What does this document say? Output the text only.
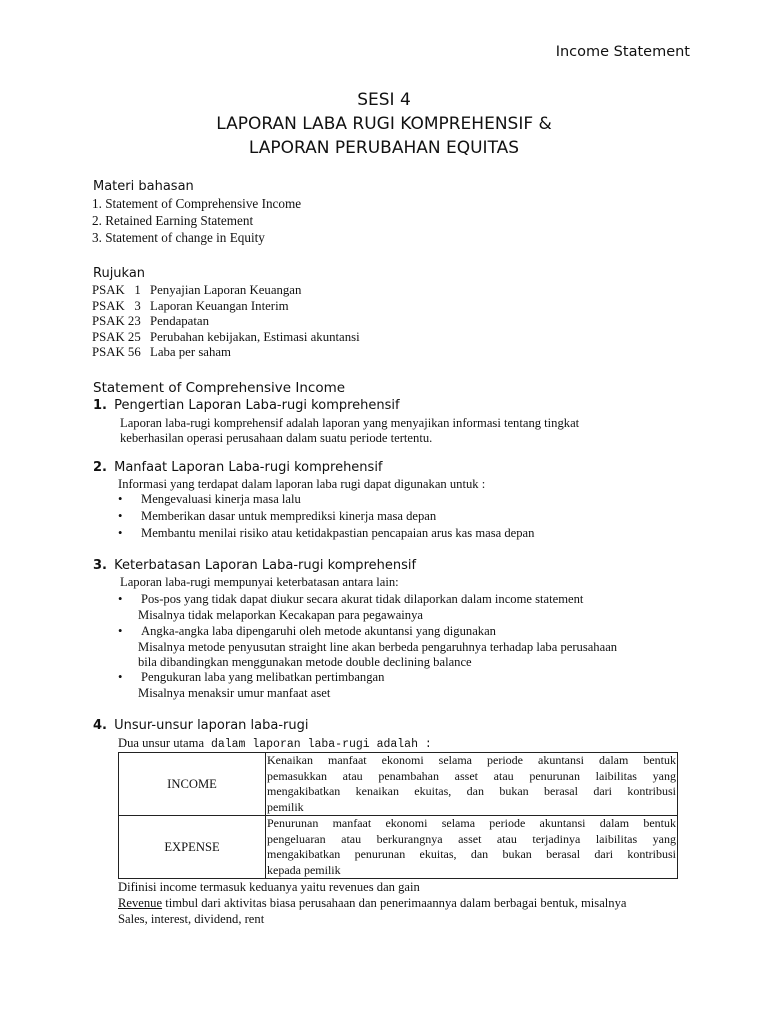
Income Statement
SESI 4
LAPORAN LABA RUGI KOMPREHENSIF &
LAPORAN PERUBAHAN EQUITAS
Materi bahasan
1. Statement of Comprehensive Income
2. Retained Earning Statement
3. Statement of change in Equity
Rujukan
PSAK   1 Penyajian Laporan Keuangan
PSAK   3 Laporan Keuangan Interim
PSAK 23 Pendapatan
PSAK 25 Perubahan kebijakan, Estimasi akuntansi
PSAK 56 Laba per saham
Statement of Comprehensive Income
1. Pengertian Laporan Laba-rugi komprehensif
Laporan laba-rugi komprehensif adalah laporan yang menyajikan informasi tentang tingkat
keberhasilan operasi perusahaan dalam suatu periode tertentu.
2. Manfaat Laporan Laba-rugi komprehensif
Informasi yang terdapat dalam laporan laba rugi dapat digunakan untuk :
• Mengevaluasi kinerja masa lalu
• Memberikan dasar untuk memprediksi kinerja masa depan
• Membantu menilai risiko atau ketidakpastian pencapaian arus kas masa depan
3. Keterbatasan Laporan Laba-rugi komprehensif
Laporan laba-rugi mempunyai keterbatasan antara lain:
• Pos-pos yang tidak dapat diukur secara akurat tidak dilaporkan dalam income statement
• Angka-angka laba dipengaruhi oleh metode akuntansi yang digunakan
• Pengukuran laba yang melibatkan pertimbangan
Misalnya tidak melaporkan Kecakapan para pegawainya
Misalnya metode penyusutan straight line akan berbeda pengaruhnya terhadap laba perusahaan
bila dibandingkan menggunakan metode double declining balance
Misalnya menaksir umur manfaat aset
4. Unsur-unsur laporan laba-rugi
Dua unsur utama dalam laporan laba-rugi adalah :
INCOME	Kenaikan manfaat ekonomi selama periode akuntansi dalam bentuk
pemasukkan atau penambahan asset atau penurunan laibilitas yang
mengakibatkan kenaikan ekuitas, dan bukan berasal dari kontribusi
pemilik

EXPENSE	Penurunan manfaat ekonomi selama periode akuntansi dalam bentuk
pengeluaran atau berkurangnya asset atau terjadinya laibilitas yang
mengakibatkan penurunan ekuitas, dan bukan berasal dari kontribusi
kepada pemilik
Difinisi income termasuk keduanya yaitu revenues dan gain
Revenue timbul dari aktivitas biasa perusahaan dan penerimaannya dalam berbagai bentuk, misalnya
Sales, interest, dividend, rent
